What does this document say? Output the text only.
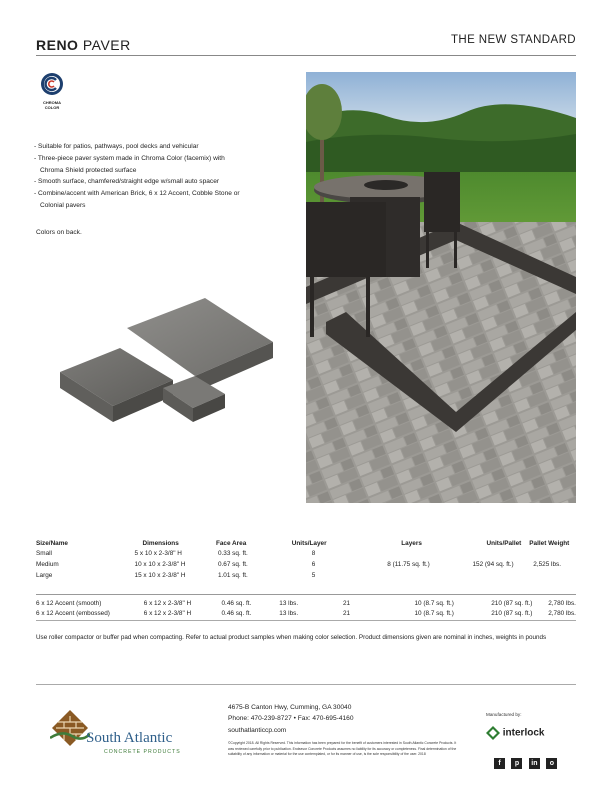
RENO PAVER	THE NEW STANDARD
CHROMA
COLOR
- Suitable for patios, pathways, pool decks and vehicular
- Three-piece paver system made in Chroma Color (facemix) with
Chroma Shield protected surface
- Smooth surface, chamfered/straight edge w/small auto spacer
- Combine/accent with American Brick, 6 x 12 Accent, Cobble Stone or
Colonial pavers
Colors on back.
Size/Name	Dimensions	Face Area	Units/Layer	Layers	Units/Pallet	Pallet Weight
Small	5 x 10 x 2-3/8" H	0.33 sq. ft.	8			
Medium	10 x 10 x 2-3/8" H	0.67 sq. ft.	6	8 (11.75 sq. ft.)	152 (94 sq. ft.)	2,525 lbs.
Large	15 x 10 x 2-3/8" H	1.01 sq. ft.	5			
6 x 12 Accent (smooth)	6 x 12 x 2-3/8" H	0.46 sq. ft.	13 lbs.	21	10 (8.7 sq. ft.)	210 (87 sq. ft.) 2,780 lbs.
6 x 12 Accent (embossed)	6 x 12 x 2-3/8" H	0.46 sq. ft.	13 lbs.	21	10 (8.7 sq. ft.)	210 (87 sq. ft.) 2,780 lbs.
Use roller compactor or buffer pad when compacting. Refer to actual product samples when making color selection. Product dimensions given are nominal in inches, weights in pounds
South Atlantic
CONCRETE PRODUCTS
4675-B Canton Hwy, Cumming, GA 30040
Phone: 470-239-8727 • Fax: 470-695-4160
southatlanticcp.com
©Copyright 2018. All Rights Reserved. This information has been prepared for the benefit of customers interested in South Atlantic Concrete Products. It was reviewed carefully prior to publication. Endeavor Concrete Products assumes no liability for its accuracy or completeness. Final determination of the suitability of any information or material for the use contemplated, or for its manner of use, is the sole responsibility of the user. 2018
Manufactured by:
interlock
f p in o
